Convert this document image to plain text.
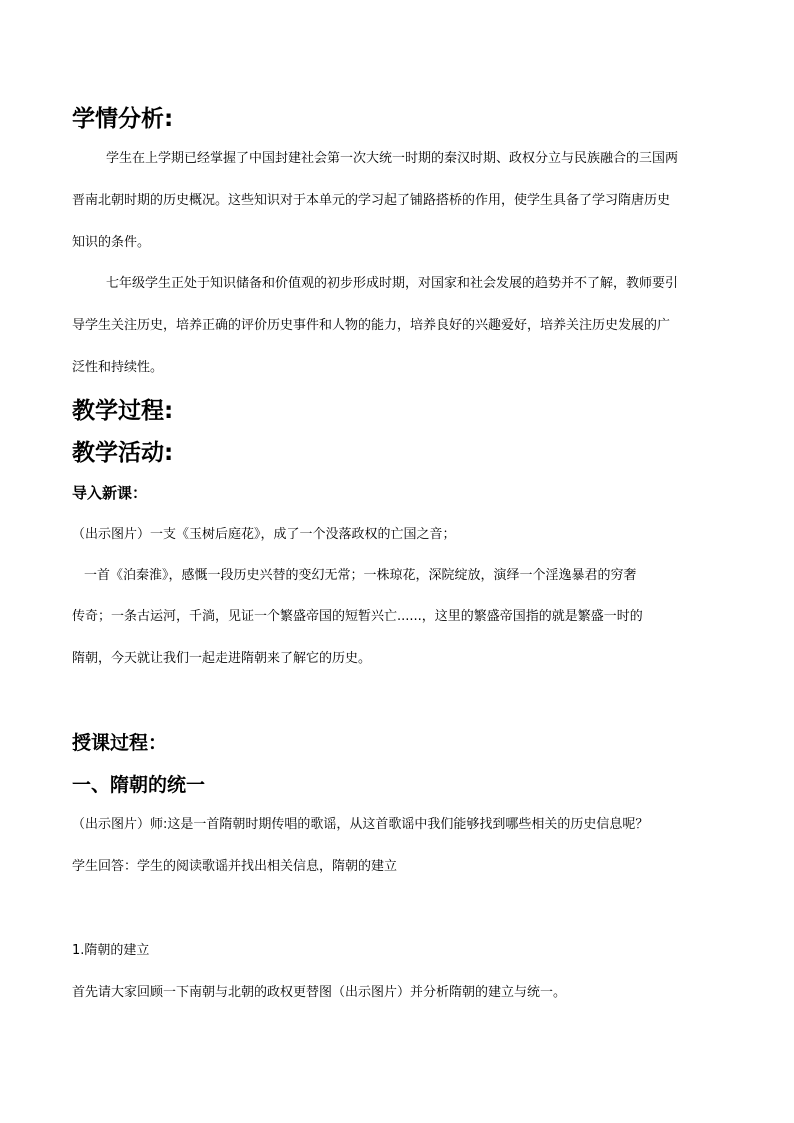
学情分析:
学生在上学期已经掌握了中国封建社会第一次大统一时期的秦汉时期、政权分立与民族融合的三国两
晋南北朝时期的历史概况。这些知识对于本单元的学习起了铺路搭桥的作用，使学生具备了学习隋唐历史
知识的条件。
七年级学生正处于知识储备和价值观的初步形成时期，对国家和社会发展的趋势并不了解，教师要引
导学生关注历史，培养正确的评价历史事件和人物的能力，培养良好的兴趣爱好，培养关注历史发展的广
泛性和持续性。
教学过程:
教学活动:
导入新课：
（出示图片）一支《玉树后庭花》，成了一个没落政权的亡国之音；
一首《泊秦淮》，感慨一段历史兴替的变幻无常；一株琼花，深院绽放，演绎一个淫逸暴君的穷奢
传奇；一条古运河，千淌，见证一个繁盛帝国的短暂兴亡......，这里的繁盛帝国指的就是繁盛一时的
隋朝，今天就让我们一起走进隋朝来了解它的历史。
授课过程：
一、隋朝的统一
（出示图片）师:这是一首隋朝时期传唱的歌谣，从这首歌谣中我们能够找到哪些相关的历史信息呢？
学生回答：学生的阅读歌谣并找出相关信息，隋朝的建立
1.隋朝的建立
首先请大家回顾一下南朝与北朝的政权更替图（出示图片）并分析隋朝的建立与统一。
